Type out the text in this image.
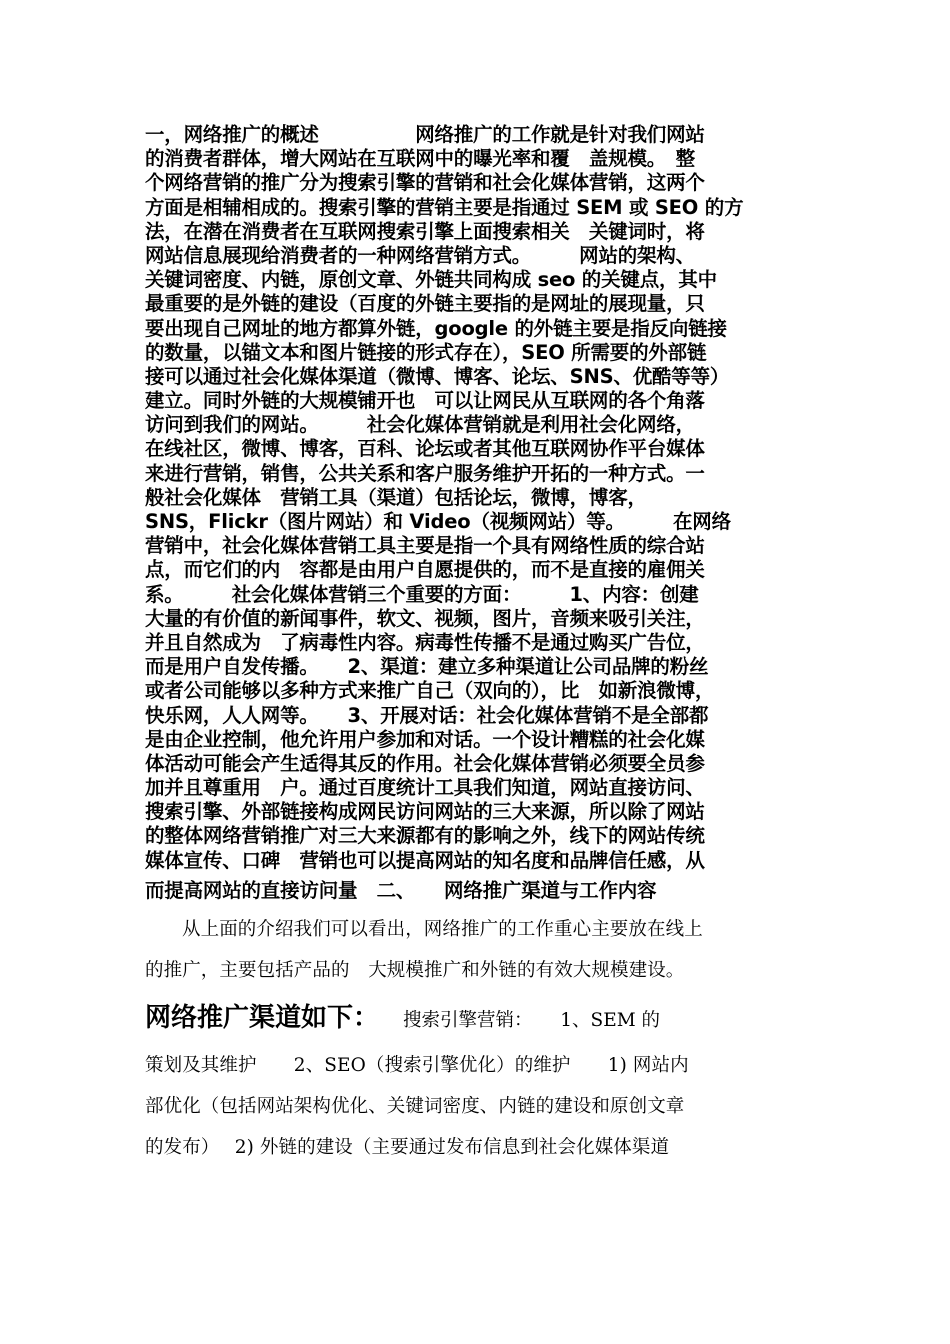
一，网络推广的概述　　　　　网络推广的工作就是针对我们网站
的消费者群体，增大网站在互联网中的曝光率和覆　盖规模。　整
个网络营销的推广分为搜索引擎的营销和社会化媒体营销，这两个
方面是相辅相成的。搜索引擎的营销主要是指通过 SEM 或 SEO 的方
法，在潜在消费者在互联网搜索引擎上面搜索相关　关键词时，将
网站信息展现给消费者的一种网络营销方式。　　　网站的架构、
关键词密度、内链，原创文章、外链共同构成 seo 的关键点，其中
最重要的是外链的建设（百度的外链主要指的是网址的展现量，只
要出现自己网址的地方都算外链，google 的外链主要是指反向链接
的数量，以锚文本和图片链接的形式存在），SEO 所需要的外部链
接可以通过社会化媒体渠道（微博、博客、论坛、SNS、优酷等等）
建立。同时外链的大规模铺开也　可以让网民从互联网的各个角落
访问到我们的网站。　　　社会化媒体营销就是利用社会化网络，
在线社区，微博、博客，百科、论坛或者其他互联网协作平台媒体
来进行营销，销售，公共关系和客户服务维护开拓的一种方式。一
般社会化媒体　营销工具（渠道）包括论坛，微博，博客，
SNS，Flickr（图片网站）和 Video（视频网站）等。　　　在网络
营销中，社会化媒体营销工具主要是指一个具有网络性质的综合站
点，而它们的内　容都是由用户自愿提供的，而不是直接的雇佣关
系。　　　社会化媒体营销三个重要的方面：　　　1、内容：创建
大量的有价值的新闻事件，软文、视频，图片，音频来吸引关注，
并且自然成为　了病毒性内容。病毒性传播不是通过购买广告位，
而是用户自发传播。　　2、渠道：建立多种渠道让公司品牌的粉丝
或者公司能够以多种方式来推广自己（双向的），比　如新浪微博，
快乐网，人人网等。　　3、开展对话：社会化媒体营销不是全部都
是由企业控制，他允许用户参加和对话。一个设计糟糕的社会化媒
体活动可能会产生适得其反的作用。社会化媒体营销必须要全员参
加并且尊重用　户。通过百度统计工具我们知道，网站直接访问、
搜索引擎、外部链接构成网民访问网站的三大来源，所以除了网站
的整体网络营销推广对三大来源都有的影响之外，线下的网站传统
媒体宣传、口碑　营销也可以提高网站的知名度和品牌信任感，从
而提高网站的直接访问量　二、　　网络推广渠道与工作内容
从上面的介绍我们可以看出，网络推广的工作重心主要放在线上
的推广，主要包括产品的　大规模推广和外链的有效大规模建设。
网络推广渠道如下：　　搜索引擎营销：　　1、SEM 的
策划及其维护　　2、SEO（搜索引擎优化）的维护　　1) 网站内
部优化（包括网站架构优化、关键词密度、内链的建设和原创文章
的发布）　 2) 外链的建设（主要通过发布信息到社会化媒体渠道
